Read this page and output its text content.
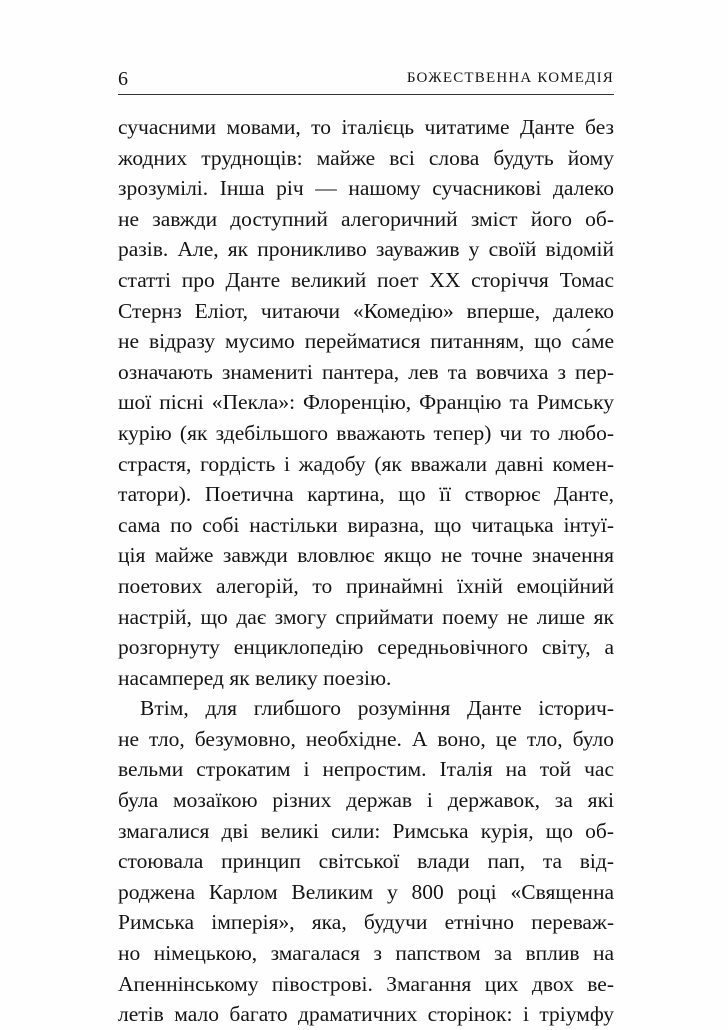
6	БОЖЕСТВЕННА КОМЕДІЯ
сучасними мовами, то італієць читатиме Данте без
жодних труднощів: майже всі слова будуть йому
зрозумілі. Інша річ — нашому сучасникові далеко
не завжди доступний алегоричний зміст його об-
разів. Але, як проникливо зауважив у своїй відомій
статті про Данте великий поет XX сторіччя Томас
Стернз Еліот, читаючи «Комедію» вперше, далеко
не відразу мусимо перейматися питанням, що са́ме
означають знамениті пантера, лев та вовчиха з пер-
шої пісні «Пекла»: Флоренцію, Францію та Римську
курію (як здебільшого вважають тепер) чи то любо-
страстя, гордість і жадобу (як вважали давні комен-
татори). Поетична картина, що її створює Данте,
сама по собі настільки виразна, що читацька інтуї-
ція майже завжди вловлює якщо не точне значення
поетових алегорій, то принаймні їхній емоційний
настрій, що дає змогу сприймати поему не лише як
розгорнуту енциклопедію середньовічного світу, а
насамперед як велику поезію.
Втім, для глибшого розуміння Данте історич-
не тло, безумовно, необхідне. А воно, це тло, було
вельми строкатим і непростим. Італія на той час
була мозаїкою різних держав і державок, за які
змагалися дві великі сили: Римська курія, що об-
стоювала принцип світської влади пап, та від-
роджена Карлом Великим у 800 році «Священна
Римська імперія», яка, будучи етнічно переваж-
но німецькою, змагалася з папством за вплив на
Апеннінському півострові. Змагання цих двох ве-
летів мало багато драматичних сторінок: і тріумфу
